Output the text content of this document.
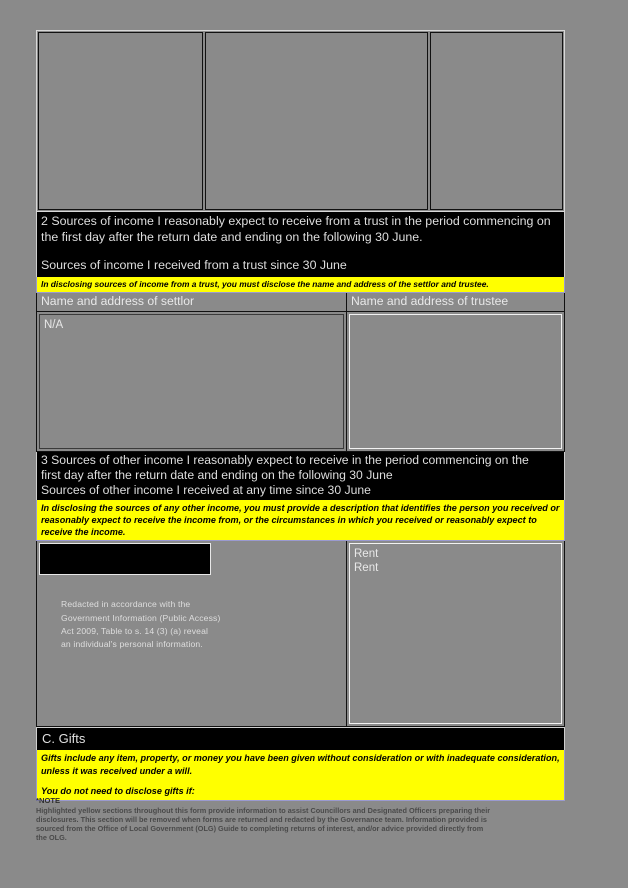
2 Sources of income I reasonably expect to receive from a trust in the period commencing on
the first day after the return date and ending on the following 30 June.
Sources of income I received from a trust since 30 June
In disclosing sources of income from a trust, you must disclose the name and address of the settlor and trustee.
Name and address of settlor	Name and address of trustee
N/A
3 Sources of other income I reasonably expect to receive in the period commencing on the
first day after the return date and ending on the following 30 June
Sources of other income I received at any time since 30 June
In disclosing the sources of any other income, you must provide a description that identifies the person you received or reasonably expect to receive the income from, or the circumstances in which you received or reasonably expect to receive the income.
Redacted in accordance with the
Government Information (Public Access)
Act 2009, Table to s. 14 (3) (a) reveal
an individual's personal information.
Rent
Rent
C. Gifts
Gifts include any item, property, or money you have been given without consideration or with inadequate consideration,
unless it was received under a will.
You do not need to disclose gifts if:
*NOTE
Highlighted yellow sections throughout this form provide information to assist Councillors and Designated Officers preparing their
disclosures. This section will be removed when forms are returned and redacted by the Governance team. Information provided is
sourced from the Office of Local Government (OLG) Guide to completing returns of interest, and/or advice provided directly from
the OLG.
